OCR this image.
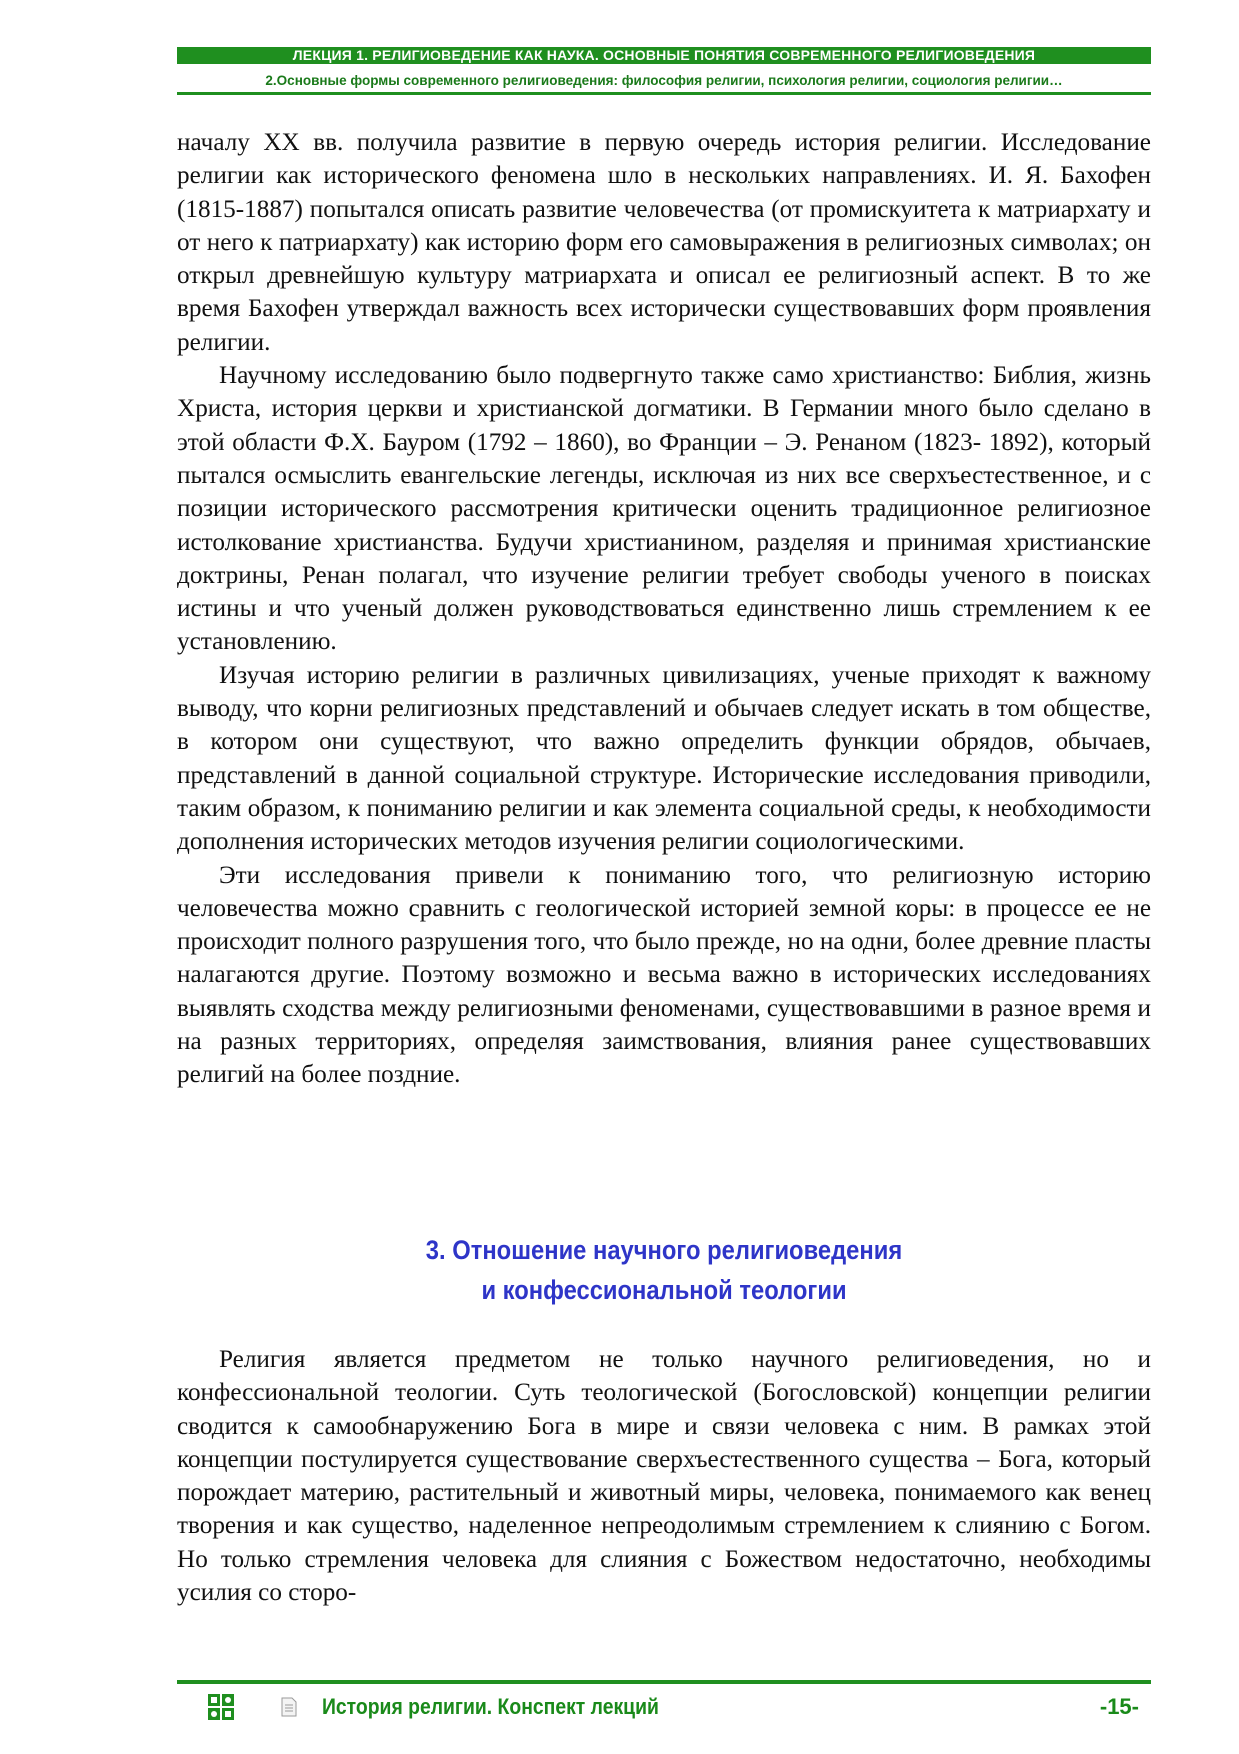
ЛЕКЦИЯ 1. РЕЛИГИОВЕДЕНИЕ КАК НАУКА. ОСНОВНЫЕ ПОНЯТИЯ СОВРЕМЕННОГО РЕЛИГИОВЕДЕНИЯ
2.Основные формы современного религиоведения: философия религии, психология религии, социология религии…

началу XX вв. получила развитие в первую очередь история религии. Исследование религии как исторического феномена шло в нескольких направлениях. И. Я. Бахофен (1815-1887) попытался описать развитие человечества (от промискуитета к матриархату и от него к патриархату) как историю форм его самовыражения в религиозных символах; он открыл древнейшую культуру матриархата и описал ее религиозный аспект. В то же время Бахофен утверждал важность всех исторически существовавших форм проявления религии.

Научному исследованию было подвергнуто также само христианство: Библия, жизнь Христа, история церкви и христианской догматики. В Германии много было сделано в этой области Ф.Х. Бауром (1792 – 1860), во Франции – Э. Ренаном (1823- 1892), который пытался осмыслить евангельские легенды, исключая из них все сверхъестественное, и с позиции исторического рассмотрения критически оценить традиционное религиозное истолкование христианства. Будучи христианином, разделяя и принимая христианские доктрины, Ренан полагал, что изучение религии требует свободы ученого в поисках истины и что ученый должен руководствоваться единственно лишь стремлением к ее установлению.

Изучая историю религии в различных цивилизациях, ученые приходят к важному выводу, что корни религиозных представлений и обычаев следует искать в том обществе, в котором они существуют, что важно определить функции обрядов, обычаев, представлений в данной социальной структуре. Исторические исследования приводили, таким образом, к пониманию религии и как элемента социальной среды, к необходимости дополнения исторических методов изучения религии социологическими.

Эти исследования привели к пониманию того, что религиозную историю человечества можно сравнить с геологической историей земной коры: в процессе ее не происходит полного разрушения того, что было прежде, но на одни, более древние пласты налагаются другие. Поэтому возможно и весьма важно в исторических исследованиях выявлять сходства между религиозными феноменами, существовавшими в разное время и на разных территориях, определяя заимствования, влияния ранее существовавших религий на более поздние.

3. Отношение научного религиоведения
и конфессиональной теологии

Религия является предметом не только научного религиоведения, но и конфессиональной теологии. Суть теологической (Богословской) концепции религии сводится к самообнаружению Бога в мире и связи человека с ним. В рамках этой концепции постулируется существование сверхъестественного существа – Бога, который порождает материю, растительный и животный миры, человека, понимаемого как венец творения и как существо, наделенное непреодолимым стремлением к слиянию с Богом. Но только стремления человека для слияния с Божеством недостаточно, необходимы усилия со сторо-

История религии. Конспект лекций	-15-
